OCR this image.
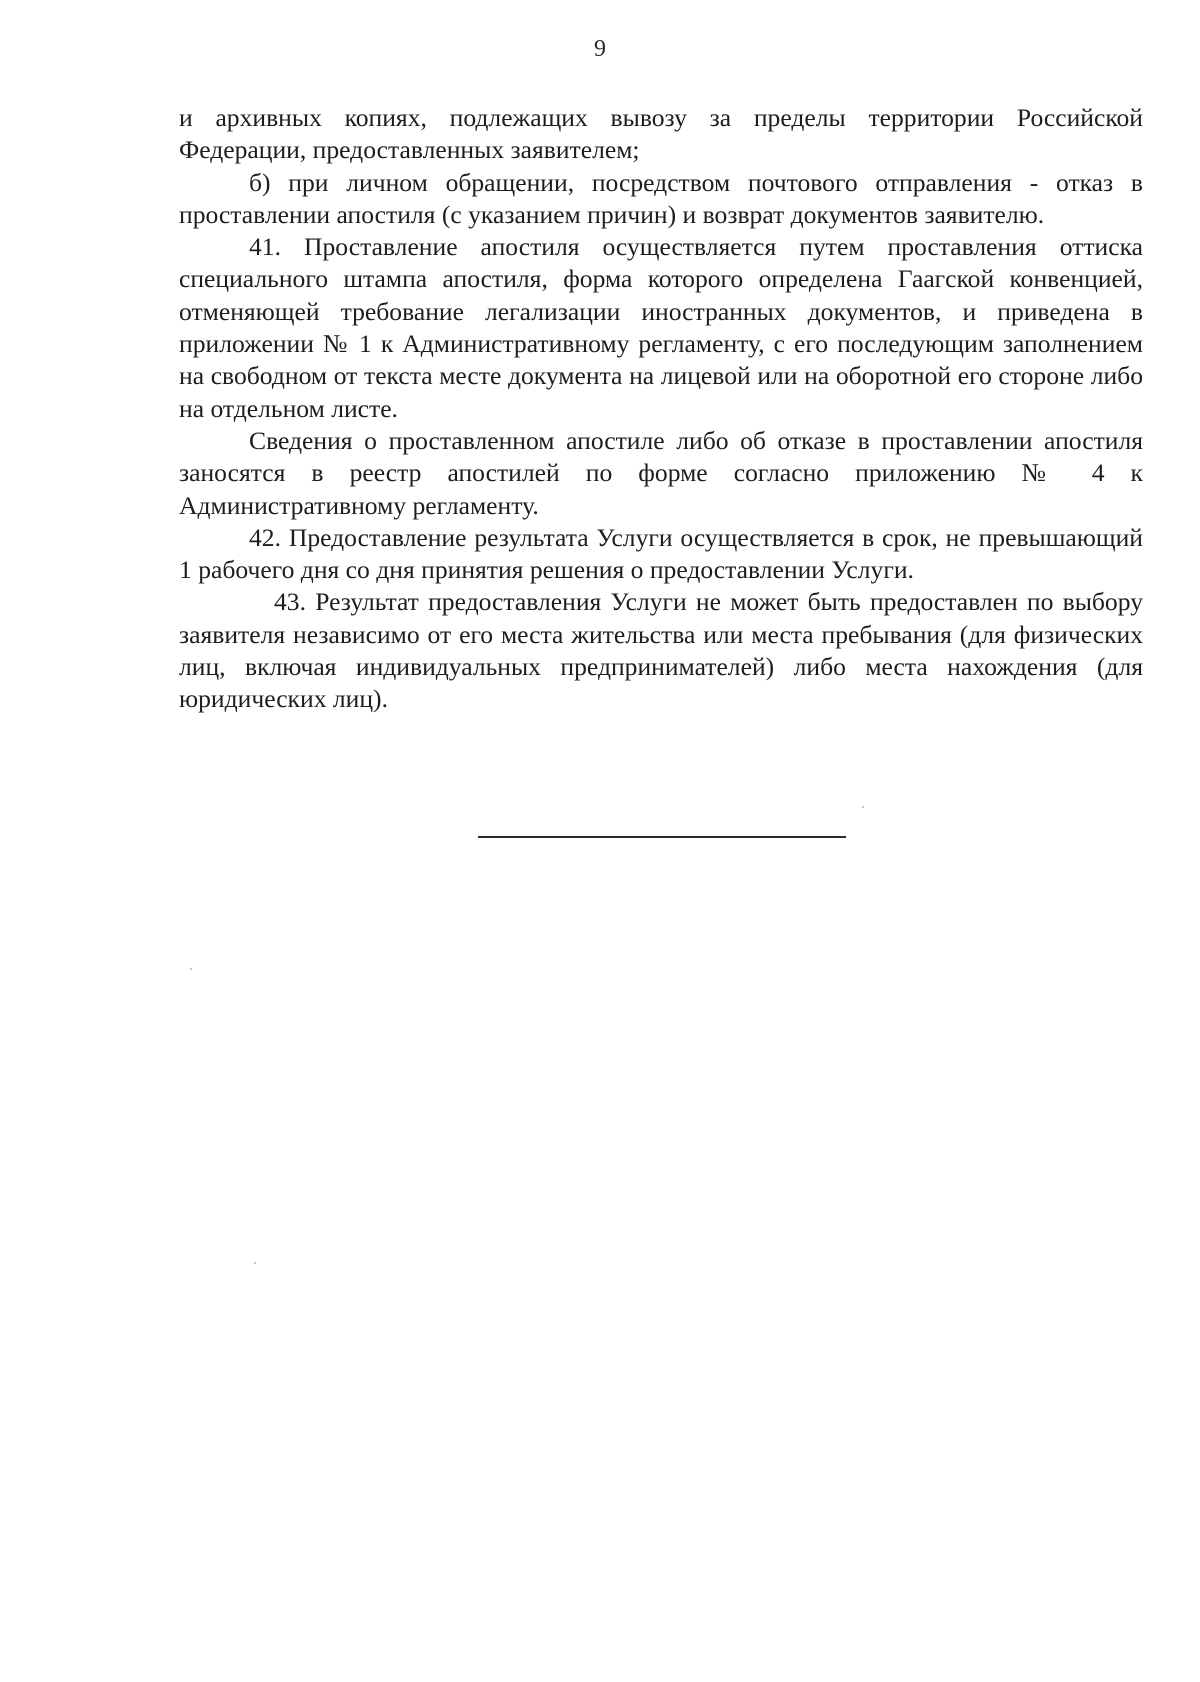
9

и архивных копиях, подлежащих вывозу за пределы территории Российской Федерации, предоставленных заявителем;

б) при личном обращении, посредством почтового отправления - отказ в проставлении апостиля (с указанием причин) и возврат документов заявителю.

41. Проставление апостиля осуществляется путем проставления оттиска специального штампа апостиля, форма которого определена Гаагской конвенцией, отменяющей требование легализации иностранных документов, и приведена в приложении № 1 к Административному регламенту, с его последующим заполнением на свободном от текста месте документа на лицевой или на оборотной его стороне либо на отдельном листе.

Сведения о проставленном апостиле либо об отказе в проставлении апостиля заносятся в реестр апостилей по форме согласно приложению № 4 к Административному регламенту.

42. Предоставление результата Услуги осуществляется в срок, не превышающий 1 рабочего дня со дня принятия решения о предоставлении Услуги.

43. Результат предоставления Услуги не может быть предоставлен по выбору заявителя независимо от его места жительства или места пребывания (для физических лиц, включая индивидуальных предпринимателей) либо места нахождения (для юридических лиц).
